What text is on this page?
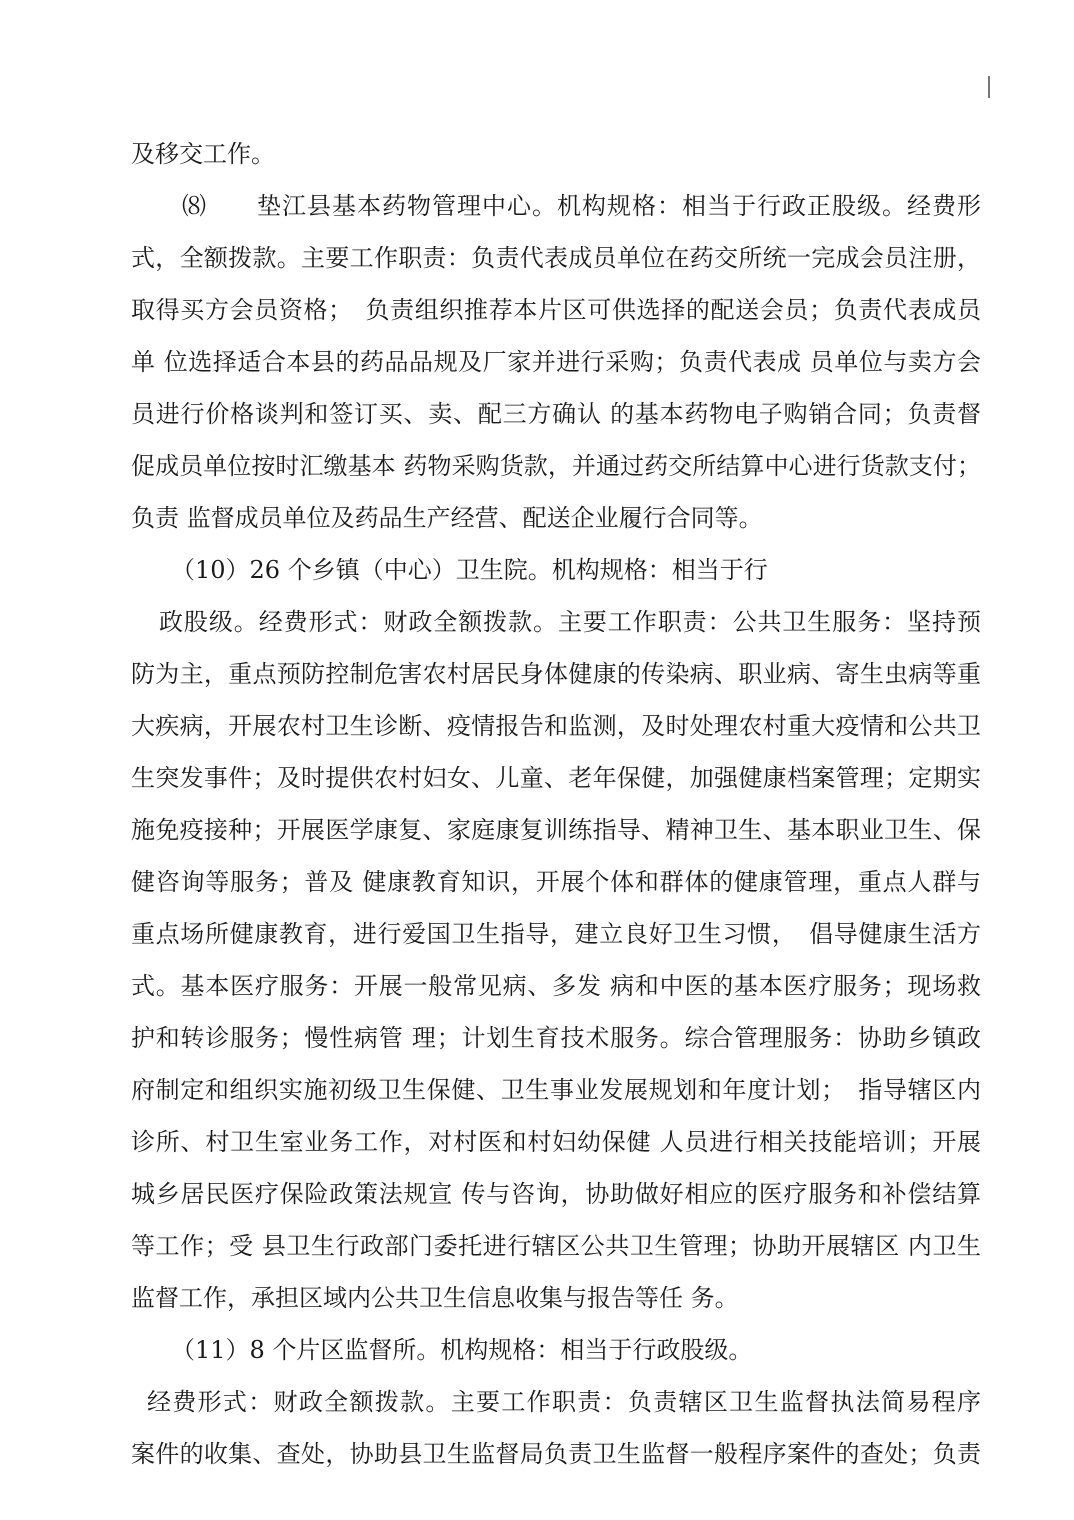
及移交工作。
⑻　　垫江县基本药物管理中心。机构规格：相当于行政正股级。经费形
式，全额拨款。主要工作职责：负责代表成员单位在药交所统一完成会员注册，
取得买方会员资格；　负责组织推荐本片区可供选择的配送会员；负责代表成员
单 位选择适合本县的药品品规及厂家并进行采购；负责代表成 员单位与卖方会
员进行价格谈判和签订买、卖、配三方确认 的基本药物电子购销合同；负责督
促成员单位按时汇缴基本 药物采购货款，并通过药交所结算中心进行货款支付；
负责 监督成员单位及药品生产经营、配送企业履行合同等。
（10）26 个乡镇（中心）卫生院。机构规格：相当于行
政股级。经费形式：财政全额拨款。主要工作职责：公共卫生服务：坚持预
防为主，重点预防控制危害农村居民身体健康的传染病、职业病、寄生虫病等重
大疾病，开展农村卫生诊断、疫情报告和监测，及时处理农村重大疫情和公共卫
生突发事件；及时提供农村妇女、儿童、老年保健，加强健康档案管理；定期实
施免疫接种；开展医学康复、家庭康复训练指导、精神卫生、基本职业卫生、保
健咨询等服务；普及 健康教育知识，开展个体和群体的健康管理，重点人群与
重点场所健康教育，进行爱国卫生指导，建立良好卫生习惯，　倡导健康生活方
式。基本医疗服务：开展一般常见病、多发 病和中医的基本医疗服务；现场救
护和转诊服务；慢性病管 理；计划生育技术服务。综合管理服务：协助乡镇政
府制定和组织实施初级卫生保健、卫生事业发展规划和年度计划；　指导辖区内
诊所、村卫生室业务工作，对村医和村妇幼保健 人员进行相关技能培训；开展
城乡居民医疗保险政策法规宣 传与咨询，协助做好相应的医疗服务和补偿结算
等工作；受 县卫生行政部门委托进行辖区公共卫生管理；协助开展辖区 内卫生
监督工作，承担区域内公共卫生信息收集与报告等任 务。
（11）8 个片区监督所。机构规格：相当于行政股级。
经费形式：财政全额拨款。主要工作职责：负责辖区卫生监督执法简易程序
案件的收集、查处，协助县卫生监督局负责卫生监督一般程序案件的查处；负责
